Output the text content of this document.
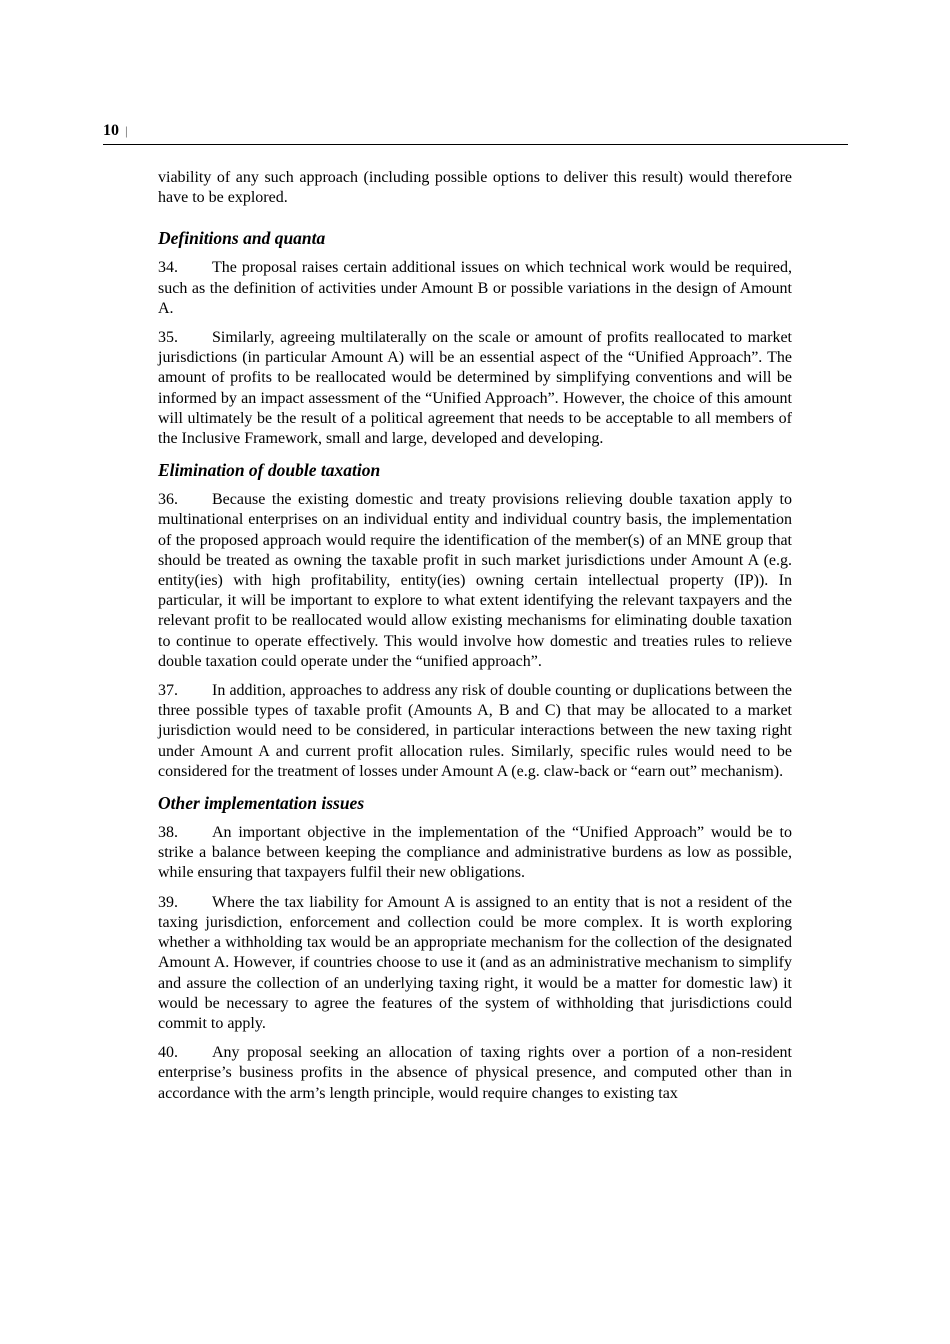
10 |

viability of any such approach (including possible options to deliver this result) would therefore have to be explored.

Definitions and quanta

34. The proposal raises certain additional issues on which technical work would be required, such as the definition of activities under Amount B or possible variations in the design of Amount A.

35. Similarly, agreeing multilaterally on the scale or amount of profits reallocated to market jurisdictions (in particular Amount A) will be an essential aspect of the “Unified Approach”. The amount of profits to be reallocated would be determined by simplifying conventions and will be informed by an impact assessment of the “Unified Approach”. However, the choice of this amount will ultimately be the result of a political agreement that needs to be acceptable to all members of the Inclusive Framework, small and large, developed and developing.

Elimination of double taxation

36. Because the existing domestic and treaty provisions relieving double taxation apply to multinational enterprises on an individual entity and individual country basis, the implementation of the proposed approach would require the identification of the member(s) of an MNE group that should be treated as owning the taxable profit in such market jurisdictions under Amount A (e.g. entity(ies) with high profitability, entity(ies) owning certain intellectual property (IP)). In particular, it will be important to explore to what extent identifying the relevant taxpayers and the relevant profit to be reallocated would allow existing mechanisms for eliminating double taxation to continue to operate effectively. This would involve how domestic and treaties rules to relieve double taxation could operate under the “unified approach”.

37. In addition, approaches to address any risk of double counting or duplications between the three possible types of taxable profit (Amounts A, B and C) that may be allocated to a market jurisdiction would need to be considered, in particular interactions between the new taxing right under Amount A and current profit allocation rules. Similarly, specific rules would need to be considered for the treatment of losses under Amount A (e.g. claw-back or “earn out” mechanism).

Other implementation issues

38. An important objective in the implementation of the “Unified Approach” would be to strike a balance between keeping the compliance and administrative burdens as low as possible, while ensuring that taxpayers fulfil their new obligations.

39. Where the tax liability for Amount A is assigned to an entity that is not a resident of the taxing jurisdiction, enforcement and collection could be more complex. It is worth exploring whether a withholding tax would be an appropriate mechanism for the collection of the designated Amount A. However, if countries choose to use it (and as an administrative mechanism to simplify and assure the collection of an underlying taxing right, it would be a matter for domestic law) it would be necessary to agree the features of the system of withholding that jurisdictions could commit to apply.

40. Any proposal seeking an allocation of taxing rights over a portion of a non-resident enterprise’s business profits in the absence of physical presence, and computed other than in accordance with the arm’s length principle, would require changes to existing tax
